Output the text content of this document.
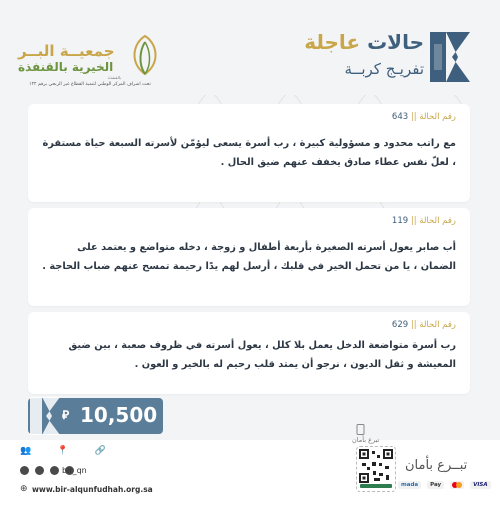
حالات عاجلة
تفريـج كربــة
بالقنفذة
جمعيــة البــر
الخيرية بالقنفذة
تحت اشراف المركز الوطني لتنمية القطاع غير الربحي برقم ١٢٢
رقم الحالة || 643
مع راتب محدود و مسؤولية كبيرة ، رب أسرة يسعى ليؤمّن لأسرته السبعة حياة مستقرة ، لعلّ نفس عطاء صادق يخفف عنهم ضيق الحال .
رقم الحالة || 119
أب صابر يعول أسرته الصغيرة بأربعة أطفال و زوجة ، دخله متواضع و يعتمد على الضمان ، يا من تحمل الخير في قلبك ، أرسل لهم يدًا رحيمة تمسح عنهم ضباب الحاجة .
رقم الحالة || 629
رب أسرة متواضعة الدخل يعمل بلا كلل ، يعول أسرته في ظروف صعبة ، بين ضيق المعيشة و ثقل الديون ، نرجو أن يمتد قلب رحيم له بالخير و العون .
⃁ 10,500
👥	📍	🔗
bir_qn
⊕ www.bir-alqunfudhah.org.sa
تبرع بأمان
تبــرع بأمان
mada	Pay	VISA
